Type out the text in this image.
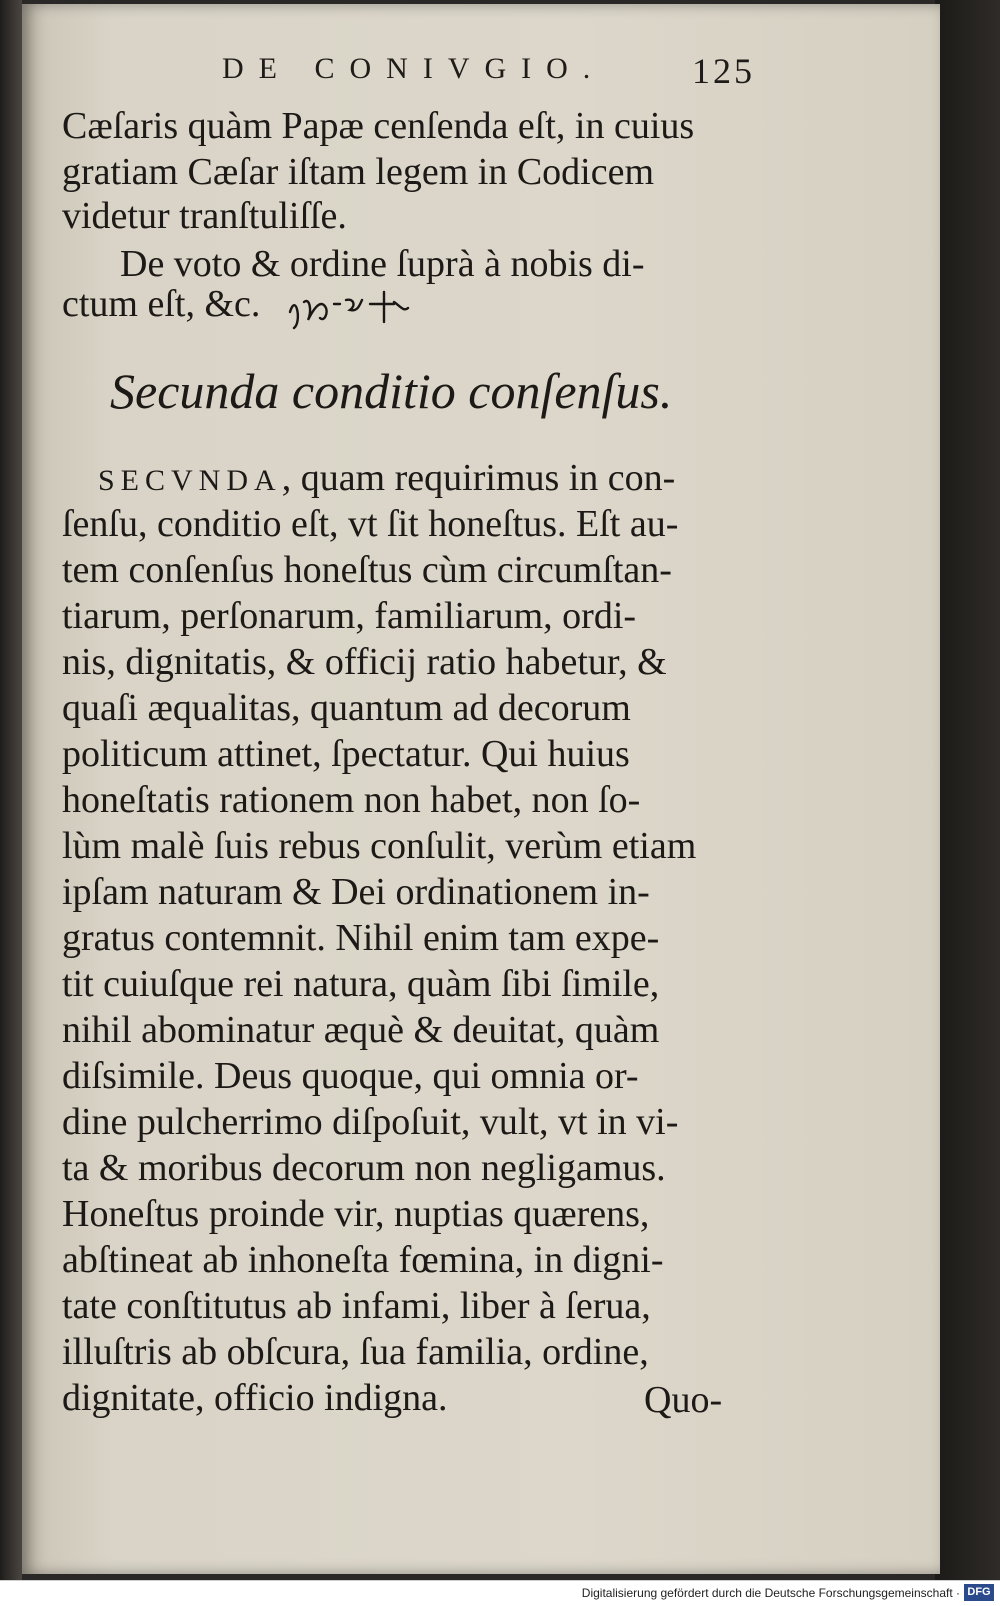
DE CONIVGIO. 125
Cæſaris quàm Papæ cenſenda eſt, in cuius
gratiam Cæſar iſtam legem in Codicem
videtur tranſtuliſſe.
De voto & ordine ſuprà à nobis di-
ctum eſt, &c.
Secunda conditio conſenſus.
SECVNDA, quam requirimus in con-
ſenſu, conditio eſt, vt ſit honeſtus. Eſt au-
tem conſenſus honeſtus cùm circumſtan-
tiarum, perſonarum, familiarum, ordi-
nis, dignitatis, & officij ratio habetur, &
quaſi æqualitas, quantum ad decorum
politicum attinet, ſpectatur. Qui huius
honeſtatis rationem non habet, non ſo-
lùm malè ſuis rebus conſulit, verùm etiam
ipſam naturam & Dei ordinationem in-
gratus contemnit. Nihil enim tam expe-
tit cuiuſque rei natura, quàm ſibi ſimile,
nihil abominatur æquè & deuitat, quàm
diſsimile. Deus quoque, qui omnia or-
dine pulcherrimo diſpoſuit, vult, vt in vi-
ta & moribus decorum non negligamus.
Honeſtus proinde vir, nuptias quærens,
abſtineat ab inhoneſta fœmina, in digni-
tate conſtitutus ab infami, liber à ſerua,
illuſtris ab obſcura, ſua familia, ordine,
dignitate, officio indigna.	Quo-
Digitalisierung gefördert durch die Deutsche Forschungsgemeinschaft · DFG
